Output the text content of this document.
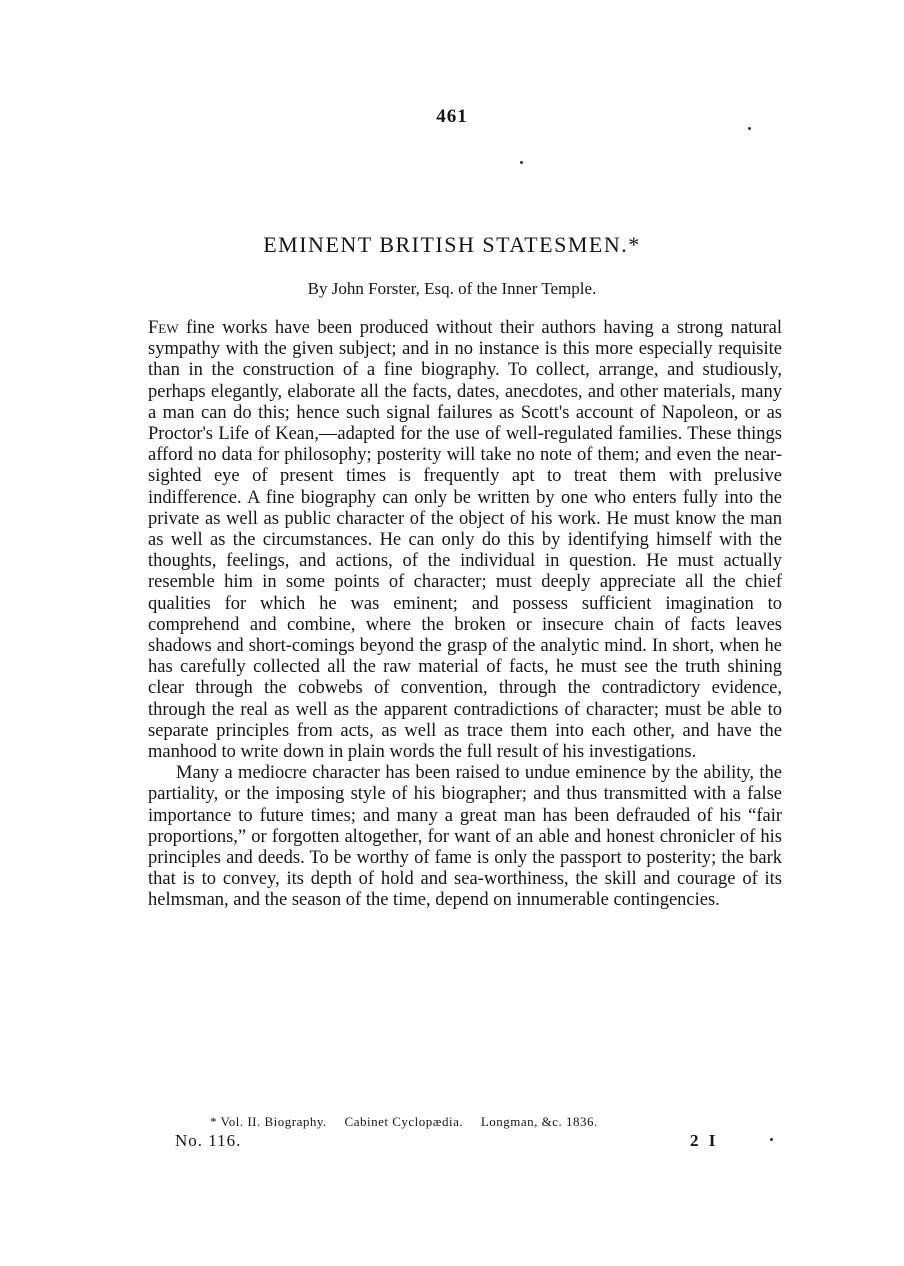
461
EMINENT BRITISH STATESMEN.*
By John Forster, Esq. of the Inner Temple.

Few fine works have been produced without their authors having a strong natural sympathy with the given subject; and in no instance is this more especially requisite than in the construction of a fine biography. To collect, arrange, and studiously, perhaps elegantly, elaborate all the facts, dates, anecdotes, and other materials, many a man can do this; hence such signal failures as Scott's account of Napoleon, or as Proctor's Life of Kean,—adapted for the use of well-regulated families. These things afford no data for philosophy; posterity will take no note of them; and even the near-sighted eye of present times is frequently apt to treat them with prelusive indifference. A fine biography can only be written by one who enters fully into the private as well as public character of the object of his work. He must know the man as well as the circumstances. He can only do this by identifying himself with the thoughts, feelings, and actions, of the individual in question. He must actually resemble him in some points of character; must deeply appreciate all the chief qualities for which he was eminent; and possess sufficient imagination to comprehend and combine, where the broken or insecure chain of facts leaves shadows and short-comings beyond the grasp of the analytic mind. In short, when he has carefully collected all the raw material of facts, he must see the truth shining clear through the cobwebs of convention, through the contradictory evidence, through the real as well as the apparent contradictions of character; must be able to separate principles from acts, as well as trace them into each other, and have the manhood to write down in plain words the full result of his investigations.

Many a mediocre character has been raised to undue eminence by the ability, the partiality, or the imposing style of his biographer; and thus transmitted with a false importance to future times; and many a great man has been defrauded of his “fair proportions,” or forgotten altogether, for want of an able and honest chronicler of his principles and deeds. To be worthy of fame is only the passport to posterity; the bark that is to convey, its depth of hold and sea-worthiness, the skill and courage of its helmsman, and the season of the time, depend on innumerable contingencies.

* Vol. II. Biography. Cabinet Cyclopædia. Longman, &c. 1836.
No. 116.	2 I
